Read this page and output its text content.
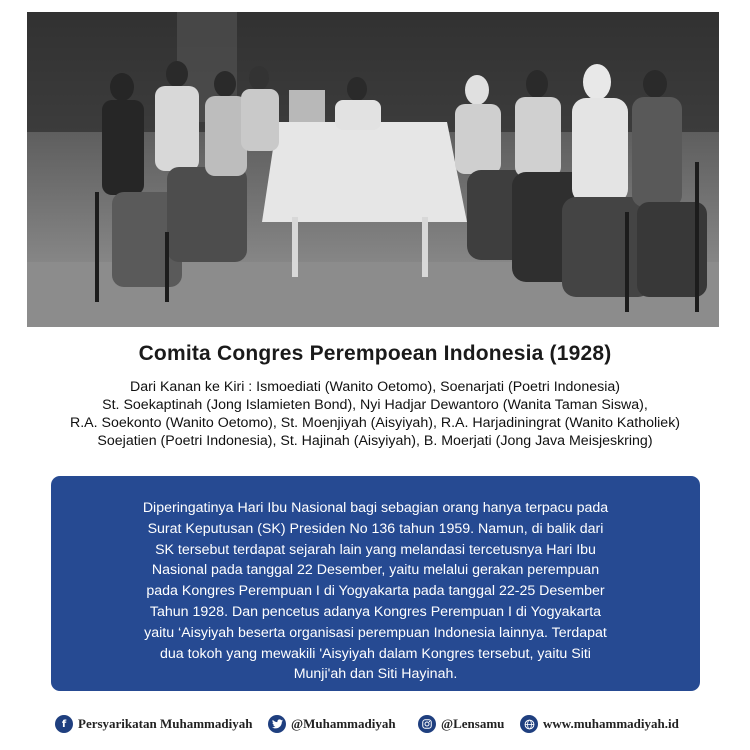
Comita Congres Perempoean Indonesia (1928)
Dari Kanan ke Kiri : Ismoediati (Wanito Oetomo), Soenarjati (Poetri Indonesia)
St. Soekaptinah (Jong Islamieten Bond), Nyi Hadjar Dewantoro (Wanita Taman Siswa),
R.A. Soekonto (Wanito Oetomo), St. Moenjiyah (Aisyiyah), R.A. Harjadiningrat (Wanito Katholiek)
Soejatien (Poetri Indonesia), St. Hajinah (Aisyiyah), B. Moerjati (Jong Java Meisjeskring)
Diperingatinya Hari Ibu Nasional bagi sebagian orang hanya terpacu pada
Surat Keputusan (SK) Presiden No 136 tahun 1959. Namun, di balik dari
SK tersebut terdapat sejarah lain yang melandasi tercetusnya Hari Ibu
Nasional pada tanggal 22 Desember, yaitu melalui gerakan perempuan
pada Kongres Perempuan I di Yogyakarta pada tanggal 22-25 Desember
Tahun 1928. Dan pencetus adanya Kongres Perempuan I di Yogyakarta
yaitu ‘Aisyiyah beserta organisasi perempuan Indonesia lainnya. Terdapat
dua tokoh yang mewakili 'Aisyiyah dalam Kongres tersebut, yaitu Siti
Munji'ah dan Siti Hayinah.
f Persyarikatan Muhammadiyah	@Muhammadiyah	@Lensamu	www.muhammadiyah.id
